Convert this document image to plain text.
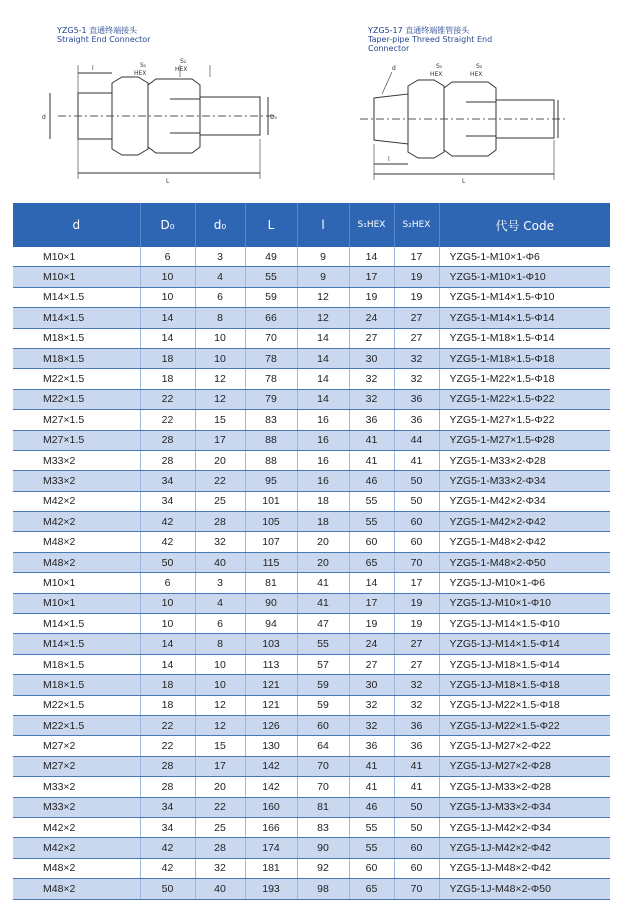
YZG5-1 直通终端接头
Straight End Connector
YZG5-17 直通终端锥管接头
Taper-pipe Threed Straight End
Connector
l	S₁
HEX
S₂
HEX
d	D₀
L
d	S₁
HEX
S₂
HEX
l
L
d	D₀	d₀	L	l	S₁HEX	S₂HEX	代号 Code
M10×1	6	3	49	9	14	17	YZG5-1-M10×1-Φ6
M10×1	10	4	55	9	17	19	YZG5-1-M10×1-Φ10
M14×1.5	10	6	59	12	19	19	YZG5-1-M14×1.5-Φ10
M14×1.5	14	8	66	12	24	27	YZG5-1-M14×1.5-Φ14
M18×1.5	14	10	70	14	27	27	YZG5-1-M18×1.5-Φ14
M18×1.5	18	10	78	14	30	32	YZG5-1-M18×1.5-Φ18
M22×1.5	18	12	78	14	32	32	YZG5-1-M22×1.5-Φ18
M22×1.5	22	12	79	14	32	36	YZG5-1-M22×1.5-Φ22
M27×1.5	22	15	83	16	36	36	YZG5-1-M27×1.5-Φ22
M27×1.5	28	17	88	16	41	44	YZG5-1-M27×1.5-Φ28
M33×2	28	20	88	16	41	41	YZG5-1-M33×2-Φ28
M33×2	34	22	95	16	46	50	YZG5-1-M33×2-Φ34
M42×2	34	25	101	18	55	50	YZG5-1-M42×2-Φ34
M42×2	42	28	105	18	55	60	YZG5-1-M42×2-Φ42
M48×2	42	32	107	20	60	60	YZG5-1-M48×2-Φ42
M48×2	50	40	115	20	65	70	YZG5-1-M48×2-Φ50
M10×1	6	3	81	41	14	17	YZG5-1J-M10×1-Φ6
M10×1	10	4	90	41	17	19	YZG5-1J-M10×1-Φ10
M14×1.5	10	6	94	47	19	19	YZG5-1J-M14×1.5-Φ10
M14×1.5	14	8	103	55	24	27	YZG5-1J-M14×1.5-Φ14
M18×1.5	14	10	113	57	27	27	YZG5-1J-M18×1.5-Φ14
M18×1.5	18	10	121	59	30	32	YZG5-1J-M18×1.5-Φ18
M22×1.5	18	12	121	59	32	32	YZG5-1J-M22×1.5-Φ18
M22×1.5	22	12	126	60	32	36	YZG5-1J-M22×1.5-Φ22
M27×2	22	15	130	64	36	36	YZG5-1J-M27×2-Φ22
M27×2	28	17	142	70	41	41	YZG5-1J-M27×2-Φ28
M33×2	28	20	142	70	41	41	YZG5-1J-M33×2-Φ28
M33×2	34	22	160	81	46	50	YZG5-1J-M33×2-Φ34
M42×2	34	25	166	83	55	50	YZG5-1J-M42×2-Φ34
M42×2	42	28	174	90	55	60	YZG5-1J-M42×2-Φ42
M48×2	42	32	181	92	60	60	YZG5-1J-M48×2-Φ42
M48×2	50	40	193	98	65	70	YZG5-1J-M48×2-Φ50
